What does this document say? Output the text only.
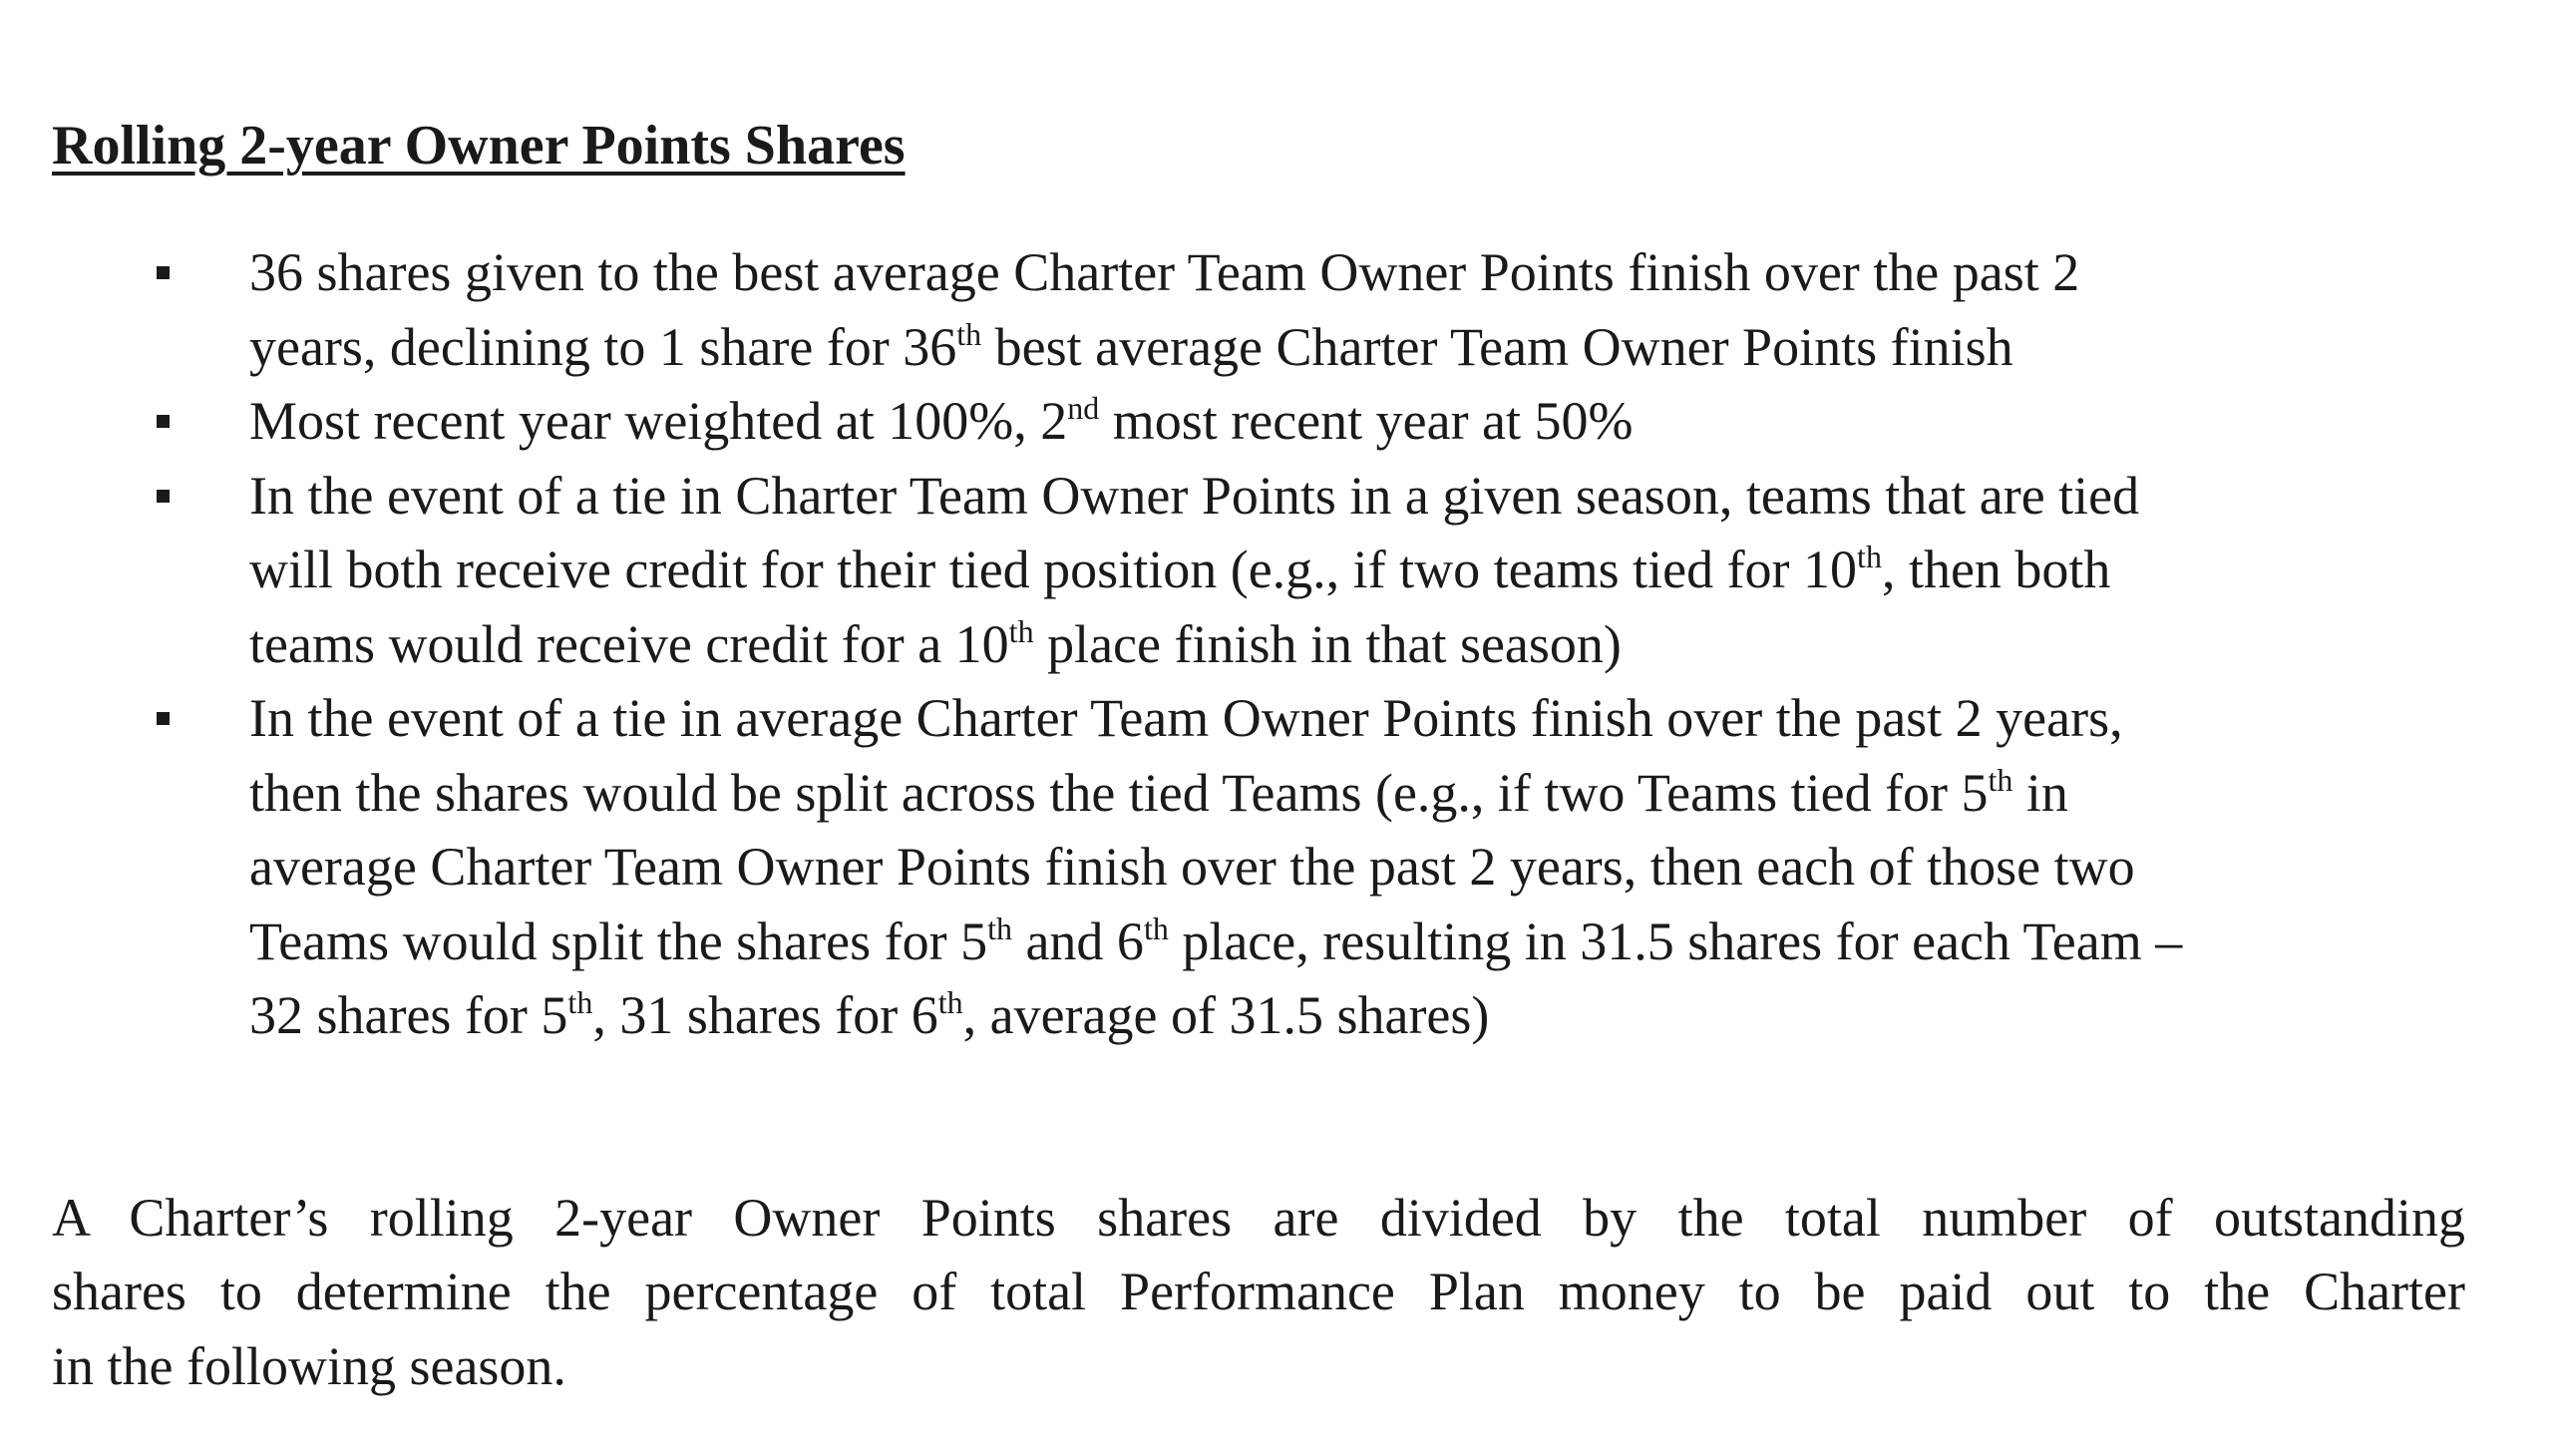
Rolling 2-year Owner Points Shares
36 shares given to the best average Charter Team Owner Points finish over the past 2
years, declining to 1 share for 36th best average Charter Team Owner Points finish
Most recent year weighted at 100%, 2nd most recent year at 50%
In the event of a tie in Charter Team Owner Points in a given season, teams that are tied
will both receive credit for their tied position (e.g., if two teams tied for 10th, then both
teams would receive credit for a 10th place finish in that season)
In the event of a tie in average Charter Team Owner Points finish over the past 2 years,
then the shares would be split across the tied Teams (e.g., if two Teams tied for 5th in
average Charter Team Owner Points finish over the past 2 years, then each of those two
Teams would split the shares for 5th and 6th place, resulting in 31.5 shares for each Team –
32 shares for 5th, 31 shares for 6th, average of 31.5 shares)
A Charter’s rolling 2-year Owner Points shares are divided by the total number of outstanding
shares to determine the percentage of total Performance Plan money to be paid out to the Charter
in the following season.
